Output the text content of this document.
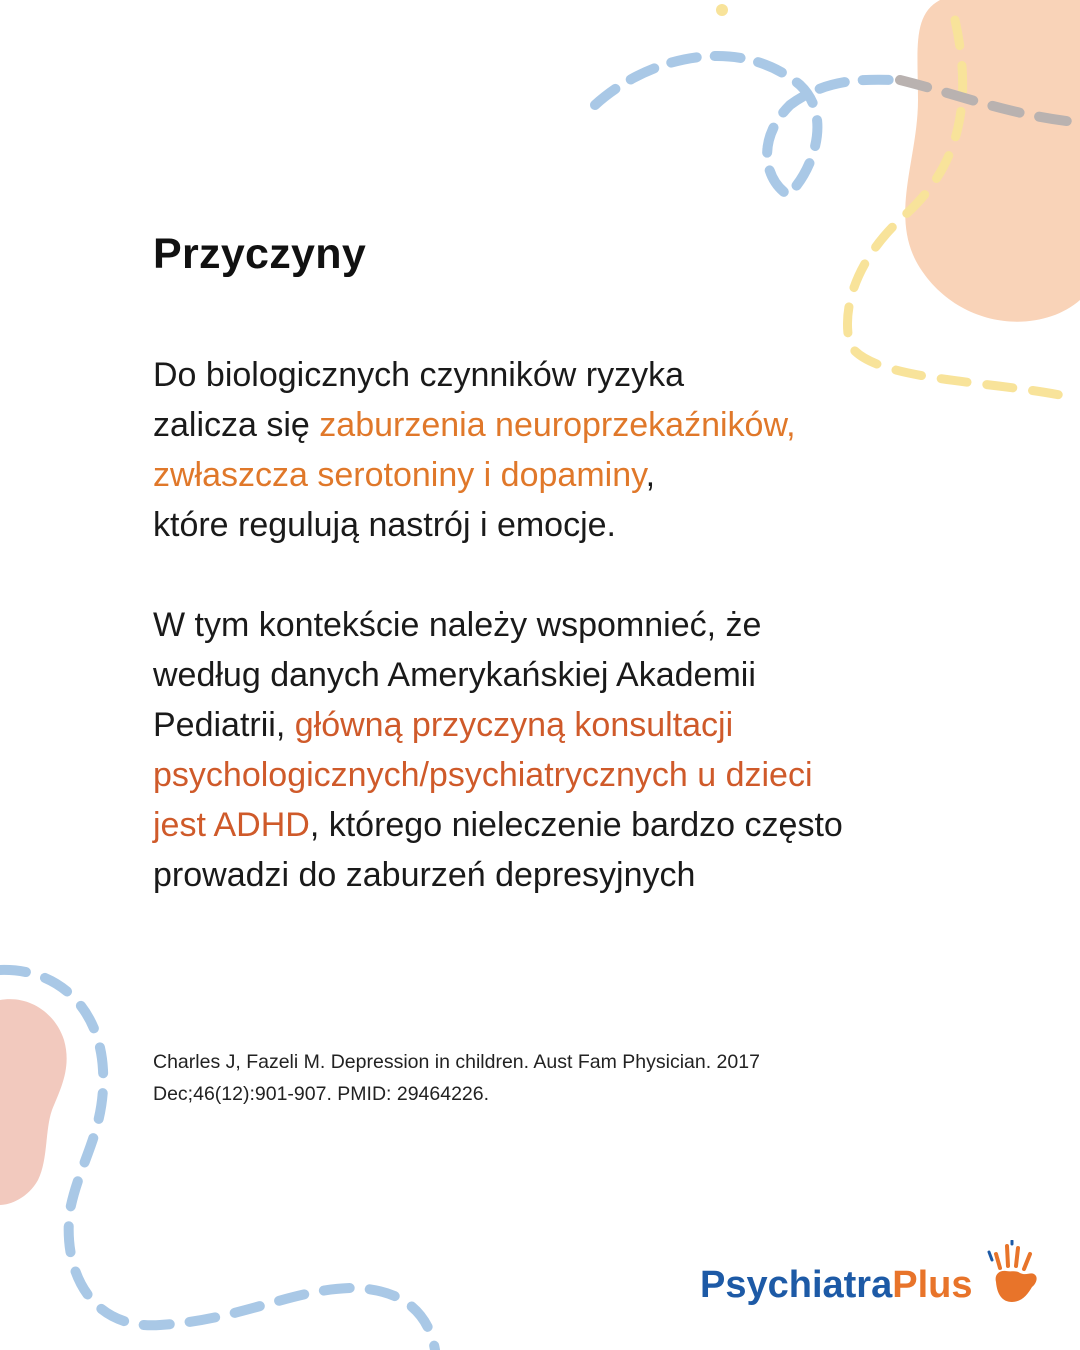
Przyczyny

Do biologicznych czynników ryzyka
zalicza się zaburzenia neuroprzekaźników,
zwłaszcza serotoniny i dopaminy,
które regulują nastrój i emocje.

W tym kontekście należy wspomnieć, że
według danych Amerykańskiej Akademii
Pediatrii, główną przyczyną konsultacji
psychologicznych/psychiatrycznych u dzieci
jest ADHD, którego nieleczenie bardzo często
prowadzi do zaburzeń depresyjnych

Charles J, Fazeli M. Depression in children. Aust Fam Physician. 2017
Dec;46(12):901-907. PMID: 29464226.

PsychiatraPlus
